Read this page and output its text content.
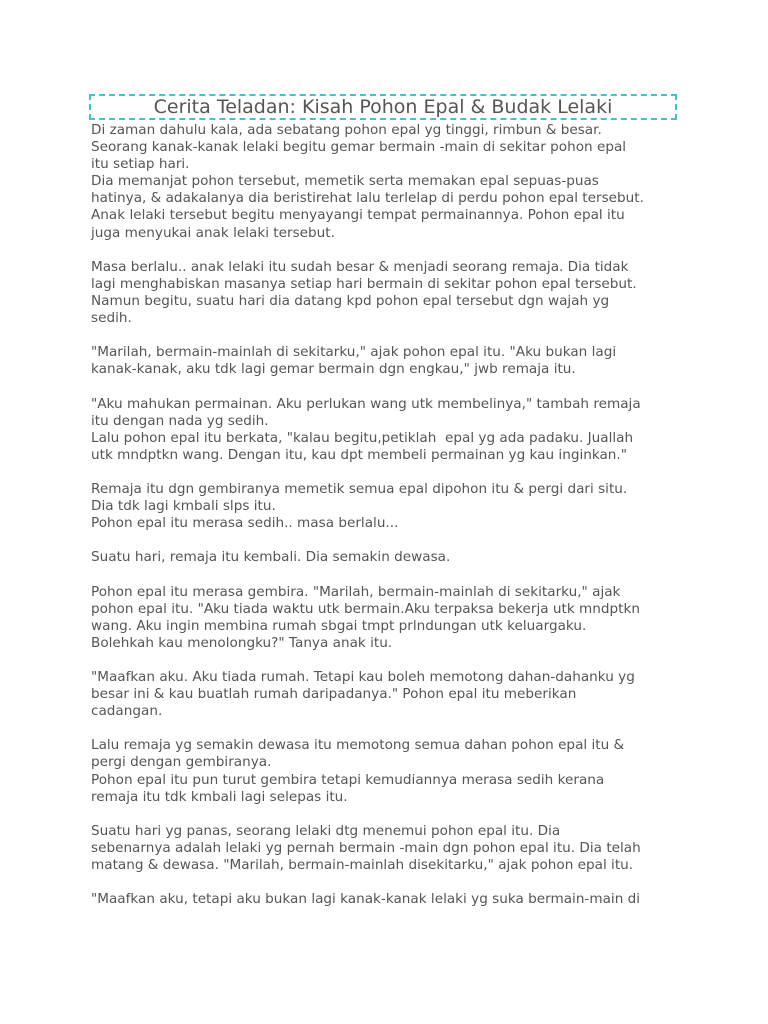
Cerita Teladan: Kisah Pohon Epal & Budak Lelaki
Di zaman dahulu kala, ada sebatang pohon epal yg tinggi, rimbun & besar.
Seorang kanak-kanak lelaki begitu gemar bermain -main di sekitar pohon epal
itu setiap hari.
Dia memanjat pohon tersebut, memetik serta memakan epal sepuas-puas
hatinya, & adakalanya dia beristirehat lalu terlelap di perdu pohon epal tersebut.
Anak lelaki tersebut begitu menyayangi tempat permainannya. Pohon epal itu
juga menyukai anak lelaki tersebut.
Masa berlalu.. anak lelaki itu sudah besar & menjadi seorang remaja. Dia tidak
lagi menghabiskan masanya setiap hari bermain di sekitar pohon epal tersebut.
Namun begitu, suatu hari dia datang kpd pohon epal tersebut dgn wajah yg
sedih.
"Marilah, bermain-mainlah di sekitarku," ajak pohon epal itu. "Aku bukan lagi
kanak-kanak, aku tdk lagi gemar bermain dgn engkau," jwb remaja itu.
"Aku mahukan permainan. Aku perlukan wang utk membelinya," tambah remaja
itu dengan nada yg sedih.
Lalu pohon epal itu berkata, "kalau begitu,petiklah  epal yg ada padaku. Juallah
utk mndptkn wang. Dengan itu, kau dpt membeli permainan yg kau inginkan."
Remaja itu dgn gembiranya memetik semua epal dipohon itu & pergi dari situ.
Dia tdk lagi kmbali slps itu.
Pohon epal itu merasa sedih.. masa berlalu...
Suatu hari, remaja itu kembali. Dia semakin dewasa.
Pohon epal itu merasa gembira. "Marilah, bermain-mainlah di sekitarku," ajak
pohon epal itu. "Aku tiada waktu utk bermain.Aku terpaksa bekerja utk mndptkn
wang. Aku ingin membina rumah sbgai tmpt prlndungan utk keluargaku.
Bolehkah kau menolongku?" Tanya anak itu.
"Maafkan aku. Aku tiada rumah. Tetapi kau boleh memotong dahan-dahanku yg
besar ini & kau buatlah rumah daripadanya." Pohon epal itu meberikan
cadangan.
Lalu remaja yg semakin dewasa itu memotong semua dahan pohon epal itu &
pergi dengan gembiranya.
Pohon epal itu pun turut gembira tetapi kemudiannya merasa sedih kerana
remaja itu tdk kmbali lagi selepas itu.
Suatu hari yg panas, seorang lelaki dtg menemui pohon epal itu. Dia
sebenarnya adalah lelaki yg pernah bermain -main dgn pohon epal itu. Dia telah
matang & dewasa. "Marilah, bermain-mainlah disekitarku," ajak pohon epal itu.
"Maafkan aku, tetapi aku bukan lagi kanak-kanak lelaki yg suka bermain-main di
